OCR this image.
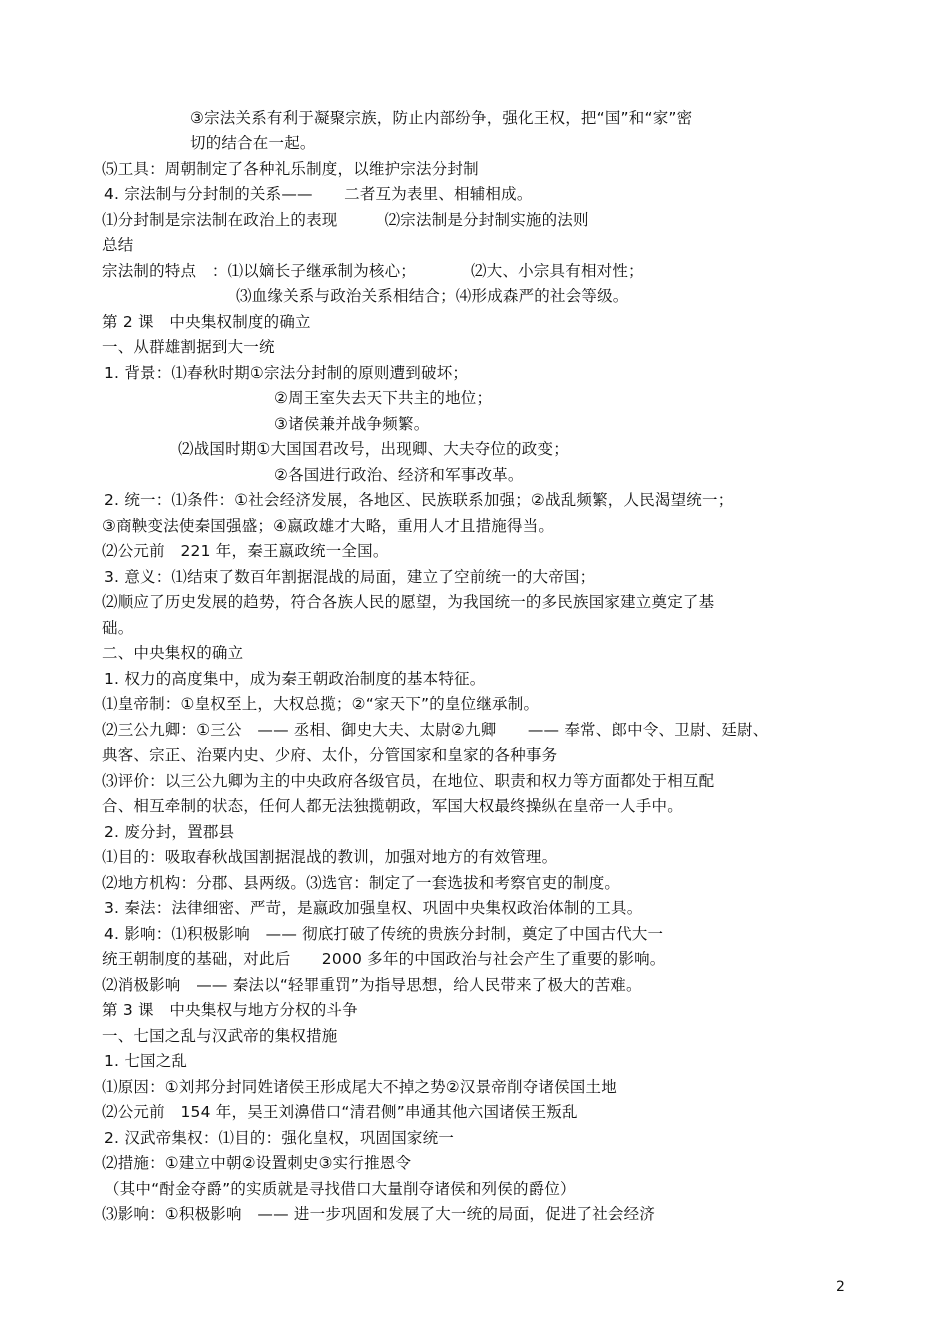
③宗法关系有利于凝聚宗族，防止内部纷争，强化王权，把“国”和“家”密
切的结合在一起。
⑸工具：周朝制定了各种礼乐制度，以维护宗法分封制
4. 宗法制与分封制的关系——　　二者互为表里、相辅相成。
⑴分封制是宗法制在政治上的表现　　　⑵宗法制是分封制实施的法则
总结
宗法制的特点　：⑴以嫡长子继承制为核心；　　　　⑵大、小宗具有相对性；
⑶血缘关系与政治关系相结合；⑷形成森严的社会等级。
第 2 课　中央集权制度的确立
一、从群雄割据到大一统
1. 背景：⑴春秋时期①宗法分封制的原则遭到破坏；
②周王室失去天下共主的地位；
③诸侯兼并战争频繁。
⑵战国时期①大国国君改号，出现卿、大夫夺位的政变；
②各国进行政治、经济和军事改革。
2. 统一：⑴条件：①社会经济发展，各地区、民族联系加强；②战乱频繁，人民渴望统一；
③商鞅变法使秦国强盛；④嬴政雄才大略，重用人才且措施得当。
⑵公元前　221 年，秦王嬴政统一全国。
3. 意义：⑴结束了数百年割据混战的局面，建立了空前统一的大帝国；
⑵顺应了历史发展的趋势，符合各族人民的愿望，为我国统一的多民族国家建立奠定了基
础。
二、中央集权的确立
1. 权力的高度集中，成为秦王朝政治制度的基本特征。
⑴皇帝制：①皇权至上，大权总揽；②“家天下”的皇位继承制。
⑵三公九卿：①三公　—— 丞相、御史大夫、太尉②九卿　　—— 奉常、郎中令、卫尉、廷尉、
典客、宗正、治粟内史、少府、太仆，分管国家和皇家的各种事务
⑶评价：以三公九卿为主的中央政府各级官员，在地位、职责和权力等方面都处于相互配
合、相互牵制的状态，任何人都无法独揽朝政，军国大权最终操纵在皇帝一人手中。
2. 废分封，置郡县
⑴目的：吸取春秋战国割据混战的教训，加强对地方的有效管理。
⑵地方机构：分郡、县两级。⑶选官：制定了一套选拔和考察官吏的制度。
3. 秦法：法律细密、严苛，是嬴政加强皇权、巩固中央集权政治体制的工具。
4. 影响：⑴积极影响　—— 彻底打破了传统的贵族分封制，奠定了中国古代大一
统王朝制度的基础，对此后　　2000 多年的中国政治与社会产生了重要的影响。
⑵消极影响　—— 秦法以“轻罪重罚”为指导思想，给人民带来了极大的苦难。
第 3 课　中央集权与地方分权的斗争
一、七国之乱与汉武帝的集权措施
1. 七国之乱
⑴原因：①刘邦分封同姓诸侯王形成尾大不掉之势②汉景帝削夺诸侯国土地
⑵公元前　154 年，吴王刘濞借口“清君侧”串通其他六国诸侯王叛乱
2. 汉武帝集权：⑴目的：强化皇权，巩固国家统一
⑵措施：①建立中朝②设置刺史③实行推恩令
（其中“酎金夺爵”的实质就是寻找借口大量削夺诸侯和列侯的爵位）
⑶影响：①积极影响　—— 进一步巩固和发展了大一统的局面，促进了社会经济
2
